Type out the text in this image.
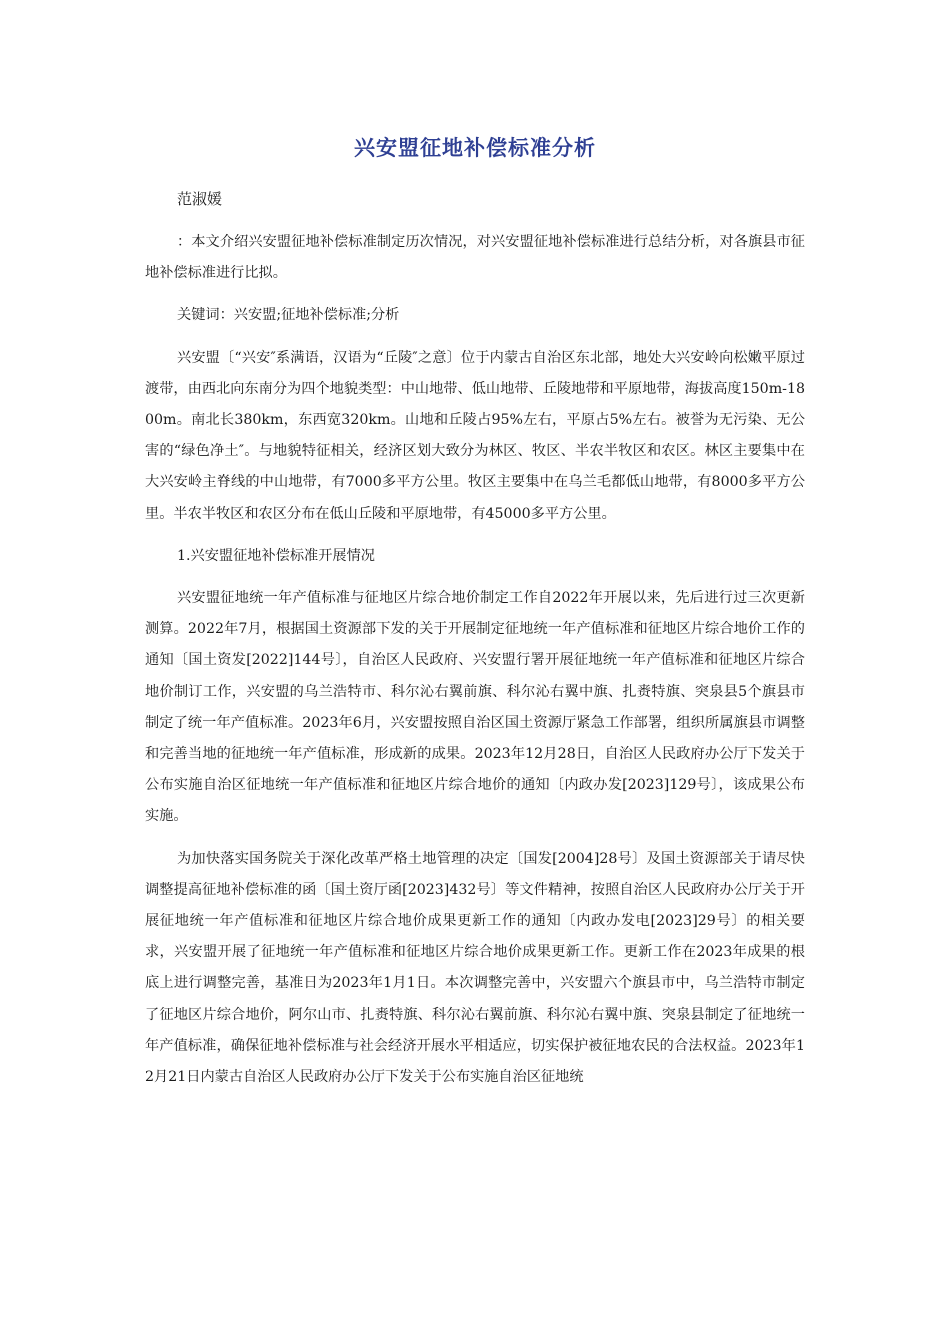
兴安盟征地补偿标准分析

范淑媛

：本文介绍兴安盟征地补偿标准制定历次情况，对兴安盟征地补偿标准进行总结分析，对各旗县市征地补偿标准进行比拟。

关键词：兴安盟;征地补偿标准;分析

兴安盟〔“兴安″系满语，汉语为“丘陵″之意〕位于内蒙古自治区东北部，地处大兴安岭向松嫩平原过渡带，由西北向东南分为四个地貌类型：中山地带、低山地带、丘陵地带和平原地带，海拔高度150m-1800m。南北长380km，东西宽320km。山地和丘陵占95%左右，平原占5%左右。被誉为无污染、无公害的“绿色净土″。与地貌特征相关，经济区划大致分为林区、牧区、半农半牧区和农区。林区主要集中在大兴安岭主脊线的中山地带，有7000多平方公里。牧区主要集中在乌兰毛都低山地带，有8000多平方公里。半农半牧区和农区分布在低山丘陵和平原地带，有45000多平方公里。

1.兴安盟征地补偿标准开展情况

兴安盟征地统一年产值标准与征地区片综合地价制定工作自2022年开展以来，先后进行过三次更新测算。2022年7月，根据国土资源部下发的关于开展制定征地统一年产值标准和征地区片综合地价工作的通知〔国土资发[2022]144号〕，自治区人民政府、兴安盟行署开展征地统一年产值标准和征地区片综合地价制订工作，兴安盟的乌兰浩特市、科尔沁右翼前旗、科尔沁右翼中旗、扎赉特旗、突泉县5个旗县市制定了统一年产值标准。2023年6月，兴安盟按照自治区国土资源厅紧急工作部署，组织所属旗县市调整和完善当地的征地统一年产值标准，形成新的成果。2023年12月28日，自治区人民政府办公厅下发关于公布实施自治区征地统一年产值标准和征地区片综合地价的通知〔内政办发[2023]129号〕，该成果公布实施。

为加快落实国务院关于深化改革严格土地管理的决定〔国发[2004]28号〕及国土资源部关于请尽快调整提高征地补偿标准的函〔国土资厅函[2023]432号〕等文件精神，按照自治区人民政府办公厅关于开展征地统一年产值标准和征地区片综合地价成果更新工作的通知〔内政办发电[2023]29号〕的相关要求，兴安盟开展了征地统一年产值标准和征地区片综合地价成果更新工作。更新工作在2023年成果的根底上进行调整完善，基准日为2023年1月1日。本次调整完善中，兴安盟六个旗县市中，乌兰浩特市制定了征地区片综合地价，阿尔山市、扎赉特旗、科尔沁右翼前旗、科尔沁右翼中旗、突泉县制定了征地统一年产值标准，确保征地补偿标准与社会经济开展水平相适应，切实保护被征地农民的合法权益。2023年12月21日内蒙古自治区人民政府办公厅下发关于公布实施自治区征地统
